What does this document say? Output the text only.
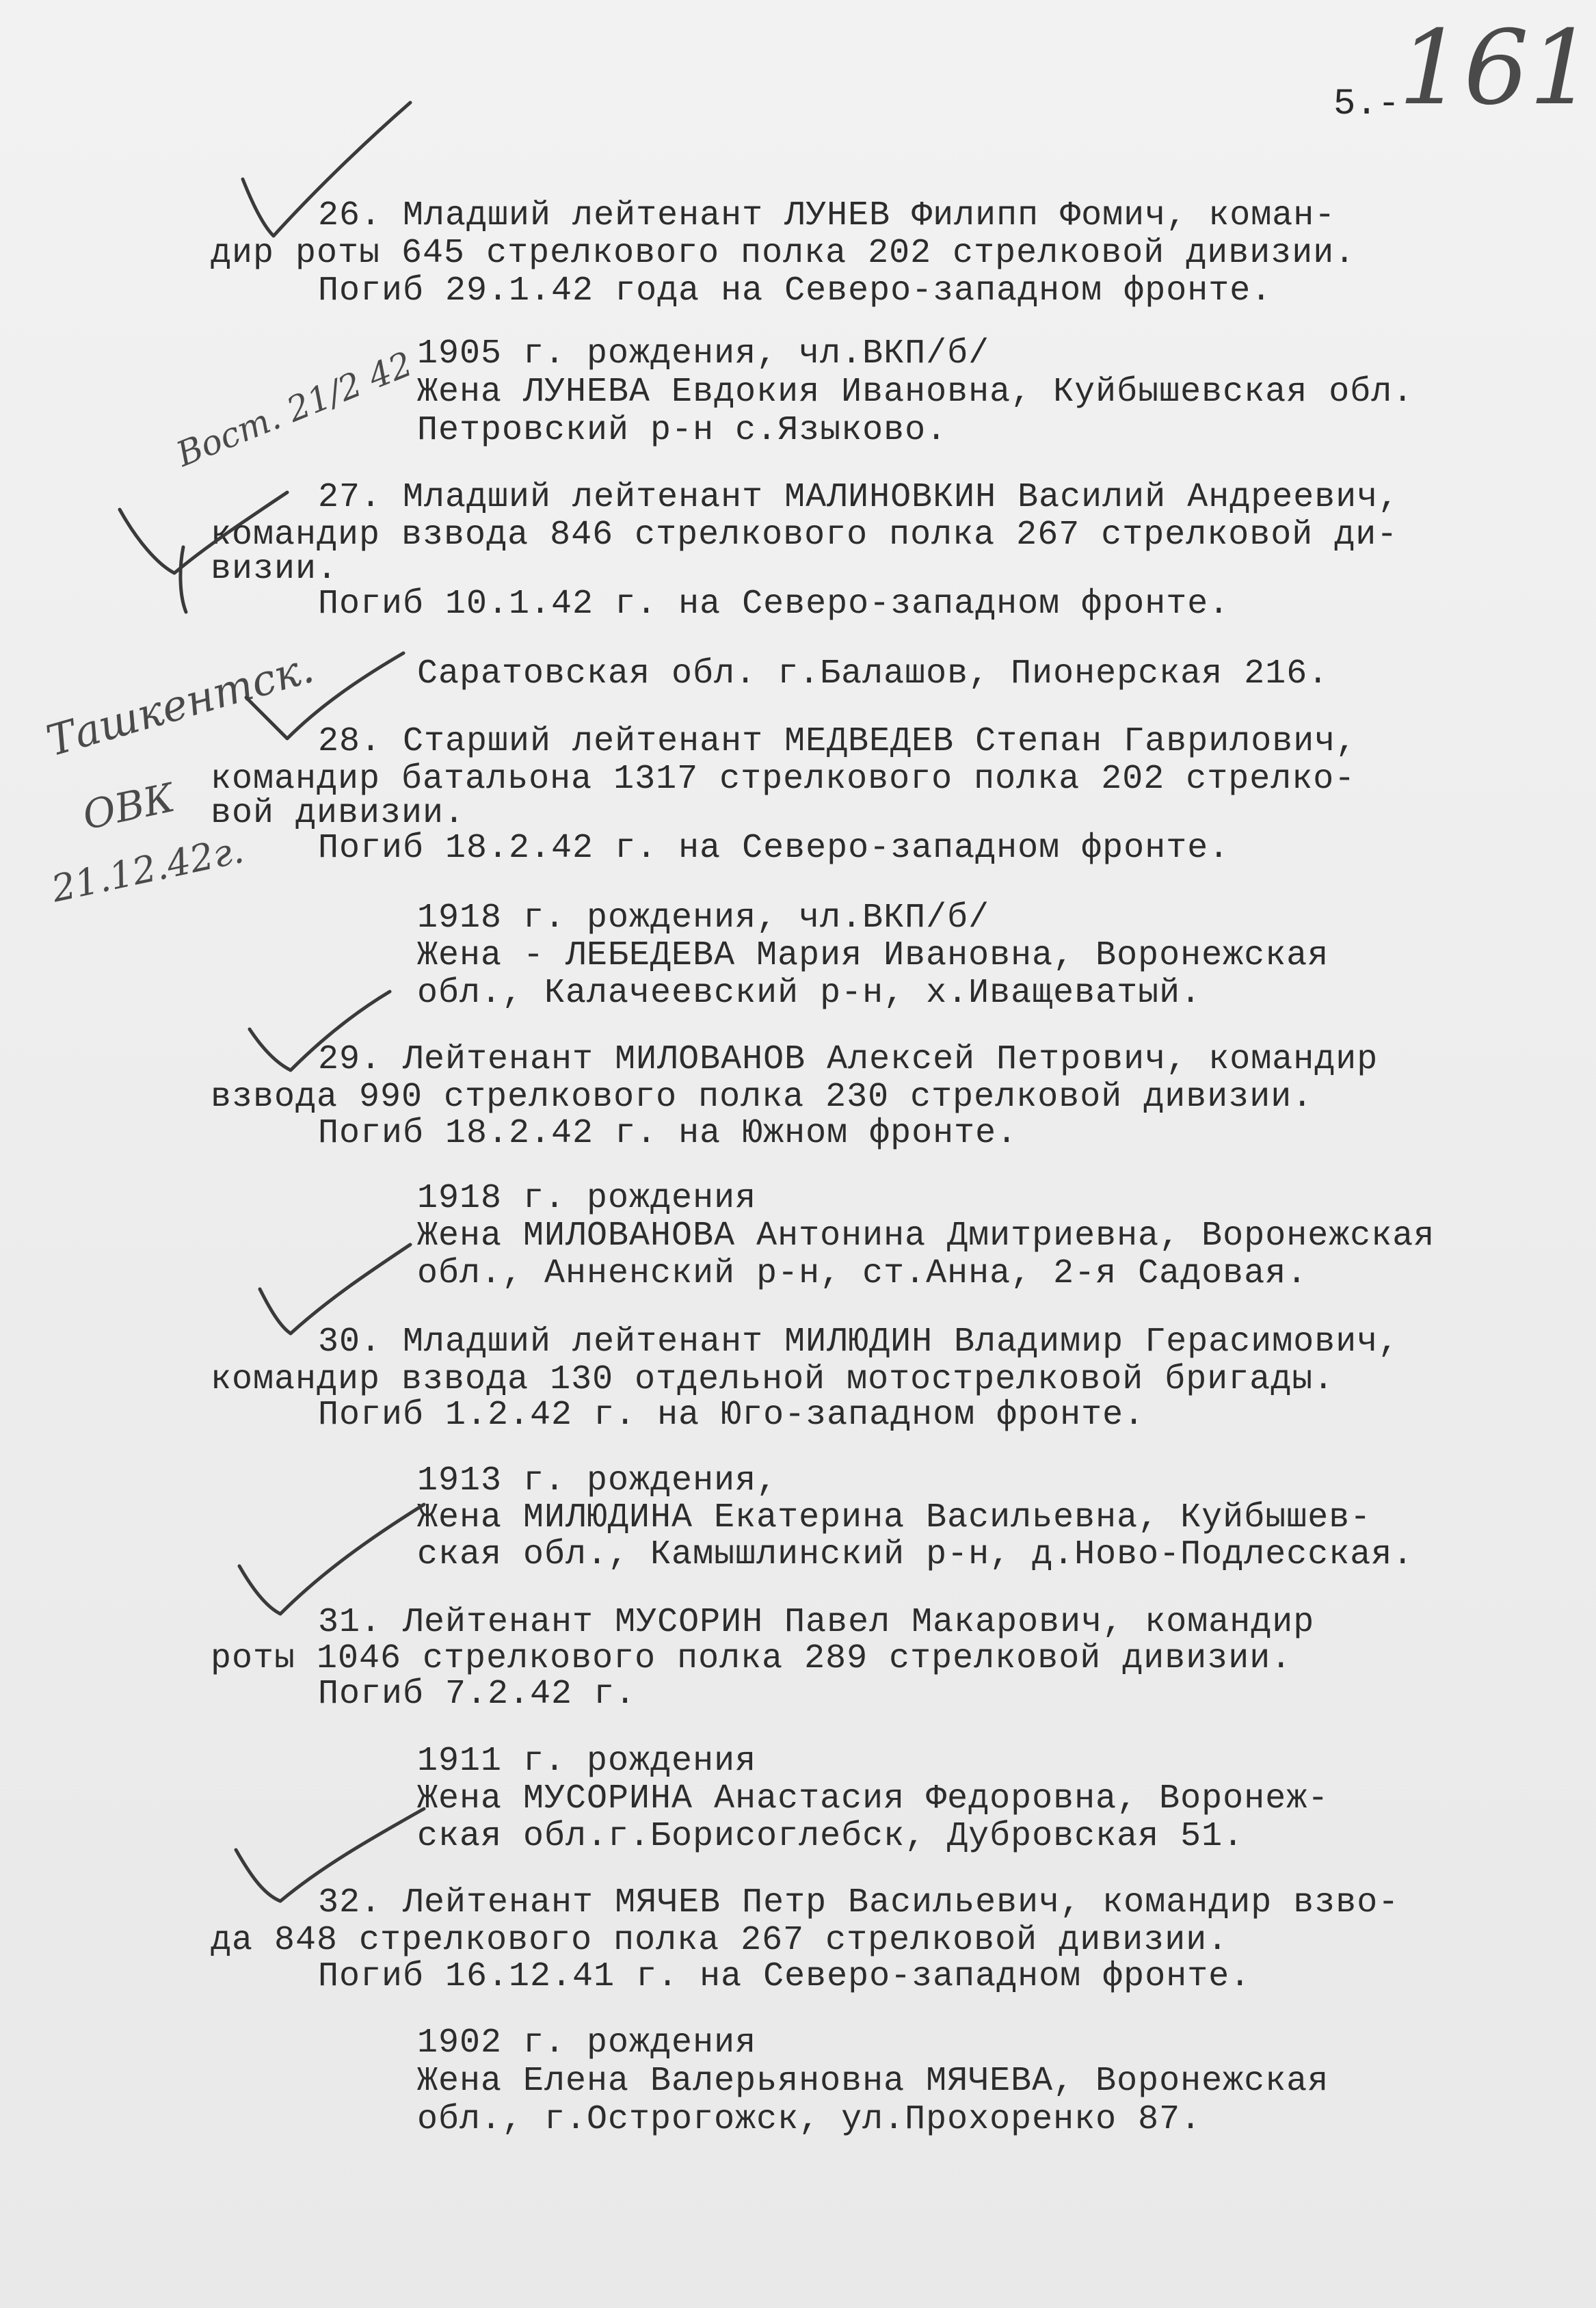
5.-
161
Вост. 21/2 42
Ташкентск.
ОВК
21.12.42г.
26. Младший лейтенант ЛУНЕВ Филипп Фомич, коман-
дир роты 645 стрелкового полка 202 стрелковой дивизии.
Погиб 29.1.42 года на Северо-западном фронте.
1905 г. рождения, чл.ВКП/б/
Жена ЛУНЕВА Евдокия Ивановна, Куйбышевская обл.
Петровский р-н с.Языково.
27. Младший лейтенант МАЛИНОВКИН Василий Андреевич,
командир взвода 846 стрелкового полка 267 стрелковой ди-
визии.
Погиб 10.1.42 г. на Северо-западном фронте.
Саратовская обл. г.Балашов, Пионерская 216.
28. Старший лейтенант МЕДВЕДЕВ Степан Гаврилович,
командир батальона 1317 стрелкового полка 202 стрелко-
вой дивизии.
Погиб 18.2.42 г. на Северо-западном фронте.
1918 г. рождения, чл.ВКП/б/
Жена - ЛЕБЕДЕВА Мария Ивановна, Воронежская
обл., Калачеевский р-н, х.Иващеватый.
29. Лейтенант МИЛОВАНОВ Алексей Петрович, командир
взвода 990 стрелкового полка 230 стрелковой дивизии.
Погиб 18.2.42 г. на Южном фронте.
1918 г. рождения
Жена МИЛОВАНОВА Антонина Дмитриевна, Воронежская
обл., Анненский р-н, ст.Анна, 2-я Садовая.
30. Младший лейтенант МИЛЮДИН Владимир Герасимович,
командир взвода 130 отдельной мотострелковой бригады.
Погиб 1.2.42 г. на Юго-западном фронте.
1913 г. рождения,
Жена МИЛЮДИНА Екатерина Васильевна, Куйбышев-
ская обл., Камышлинский р-н, д.Ново-Подлесская.
31. Лейтенант МУСОРИН Павел Макарович, командир
роты 1046 стрелкового полка 289 стрелковой дивизии.
Погиб 7.2.42 г.
1911 г. рождения
Жена МУСОРИНА Анастасия Федоровна, Воронеж-
ская обл.г.Борисоглебск, Дубровская 51.
32. Лейтенант МЯЧЕВ Петр Васильевич, командир взво-
да 848 стрелкового полка 267 стрелковой дивизии.
Погиб 16.12.41 г. на Северо-западном фронте.
1902 г. рождения
Жена Елена Валерьяновна МЯЧЕВА, Воронежская
обл., г.Острогожск, ул.Прохоренко 87.
